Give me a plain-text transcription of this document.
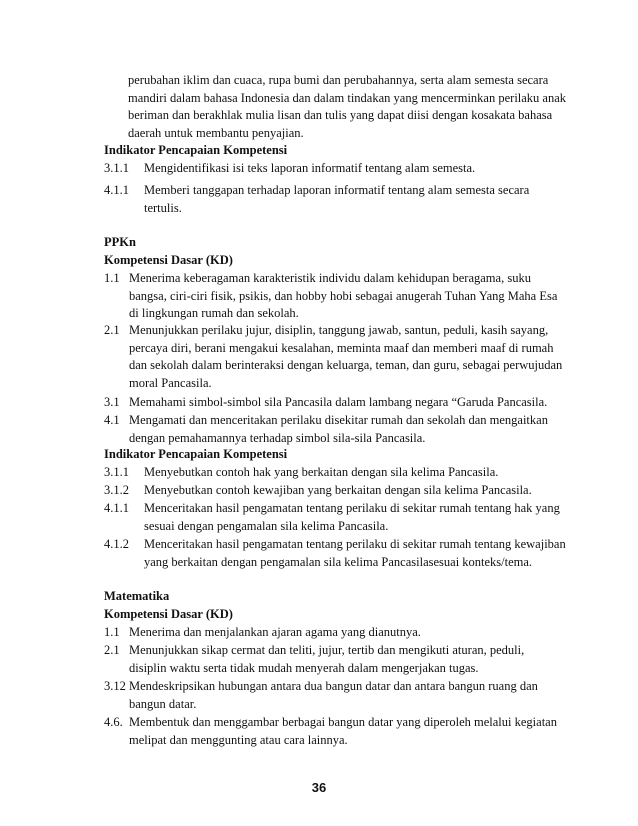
perubahan iklim dan cuaca, rupa bumi dan perubahannya, serta alam semesta secara mandiri dalam bahasa Indonesia dan dalam tindakan yang mencerminkan perilaku anak beriman dan berakhlak mulia lisan dan tulis yang dapat diisi dengan kosakata bahasa daerah untuk membantu penyajian.
Indikator Pencapaian Kompetensi
3.1.1	Mengidentifikasi isi teks laporan informatif tentang alam semesta.
4.1.1	Memberi tanggapan terhadap laporan informatif tentang alam semesta secara tertulis.
PPKn
Kompetensi Dasar (KD)
1.1 Menerima keberagaman karakteristik individu dalam kehidupan beragama, suku bangsa, ciri-ciri fisik, psikis, dan hobby hobi sebagai anugerah Tuhan Yang Maha Esa di lingkungan rumah dan sekolah.
2.1 Menunjukkan perilaku jujur, disiplin, tanggung jawab, santun, peduli, kasih sayang, percaya diri, berani mengakui kesalahan, meminta maaf dan memberi maaf di rumah dan sekolah dalam berinteraksi dengan keluarga, teman, dan guru, sebagai perwujudan moral Pancasila.
3.1 Memahami simbol-simbol sila Pancasila dalam lambang negara “Garuda Pancasila.
4.1 Mengamati dan menceritakan perilaku disekitar rumah dan sekolah dan mengaitkan dengan pemahamannya terhadap simbol sila-sila Pancasila.
Indikator Pencapaian Kompetensi
3.1.1	Menyebutkan contoh hak yang berkaitan dengan sila kelima Pancasila.
3.1.2	Menyebutkan contoh kewajiban yang berkaitan dengan sila kelima Pancasila.
4.1.1	Menceritakan hasil pengamatan tentang perilaku di sekitar rumah tentang hak yang sesuai dengan pengamalan sila kelima Pancasila.
4.1.2	Menceritakan hasil pengamatan tentang perilaku di sekitar rumah tentang kewajiban yang berkaitan dengan pengamalan sila kelima Pancasilasesuai konteks/tema.
Matematika
Kompetensi Dasar (KD)
1.1 Menerima dan menjalankan ajaran agama yang dianutnya.
2.1 Menunjukkan sikap cermat dan teliti, jujur, tertib dan mengikuti aturan, peduli, disiplin waktu serta tidak mudah menyerah dalam mengerjakan tugas.
3.12 Mendeskripsikan hubungan antara dua bangun datar dan antara bangun ruang dan bangun datar.
4.6. Membentuk dan menggambar berbagai bangun datar yang diperoleh melalui kegiatan melipat dan menggunting atau cara lainnya.
36
